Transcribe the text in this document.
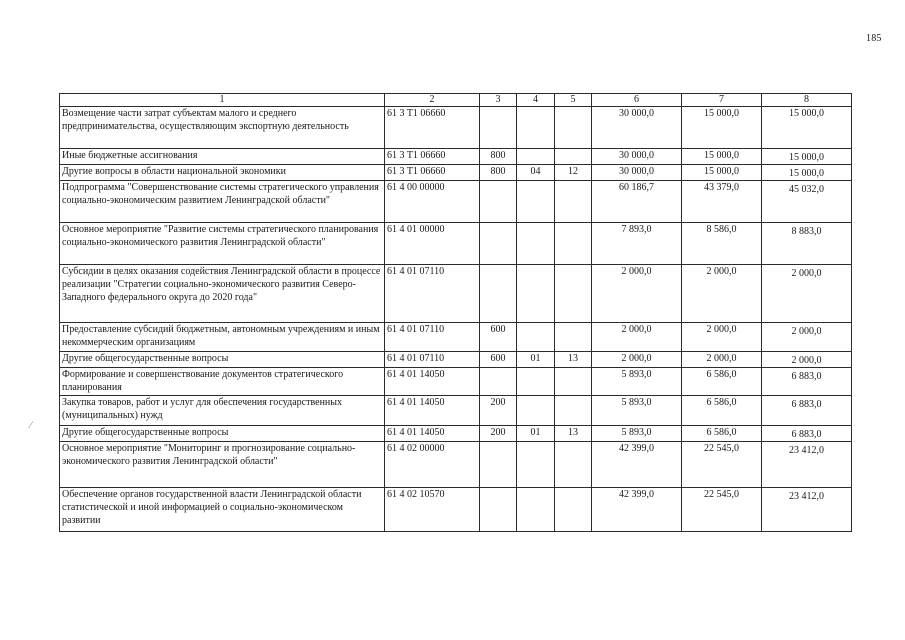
185
1	2	3	4	5	6	7	8
Возмещение части затрат субъектам малого и среднего предпринимательства, осуществляющим экспортную деятельность	61 3 T1 06660				30 000,0	15 000,0	15 000,0
Иные бюджетные ассигнования	61 3 T1 06660	800			30 000,0	15 000,0	15 000,0
Другие вопросы в области национальной экономики	61 3 T1 06660	800	04	12	30 000,0	15 000,0	15 000,0
Подпрограмма "Совершенствование системы стратегического управления социально-экономическим развитием Ленинградской области"	61 4 00 00000				60 186,7	43 379,0	45 032,0
Основное мероприятие "Развитие системы стратегического планирования социально-экономического развития Ленинградской области"	61 4 01 00000				7 893,0	8 586,0	8 883,0
Субсидии в целях оказания содействия Ленинградской области в процессе реализации "Стратегии социально-экономического развития Северо-Западного федерального округа до 2020 года"	61 4 01 07110				2 000,0	2 000,0	2 000,0
Предоставление субсидий бюджетным, автономным учреждениям и иным некоммерческим организациям	61 4 01 07110	600			2 000,0	2 000,0	2 000,0
Другие общегосударственные вопросы	61 4 01 07110	600	01	13	2 000,0	2 000,0	2 000,0
Формирование и совершенствование документов стратегического планирования	61 4 01 14050				5 893,0	6 586,0	6 883,0
Закупка товаров, работ и услуг для обеспечения государственных (муниципальных) нужд	61 4 01 14050	200			5 893,0	6 586,0	6 883,0
Другие общегосударственные вопросы	61 4 01 14050	200	01	13	5 893,0	6 586,0	6 883,0
Основное мероприятие "Мониторинг и прогнозирование социально-экономического развития Ленинградской области"	61 4 02 00000				42 399,0	22 545,0	23 412,0
Обеспечение органов государственной власти Ленинградской области статистической и иной информацией о социально-экономическом развитии	61 4 02 10570				42 399,0	22 545,0	23 412,0
⁄
